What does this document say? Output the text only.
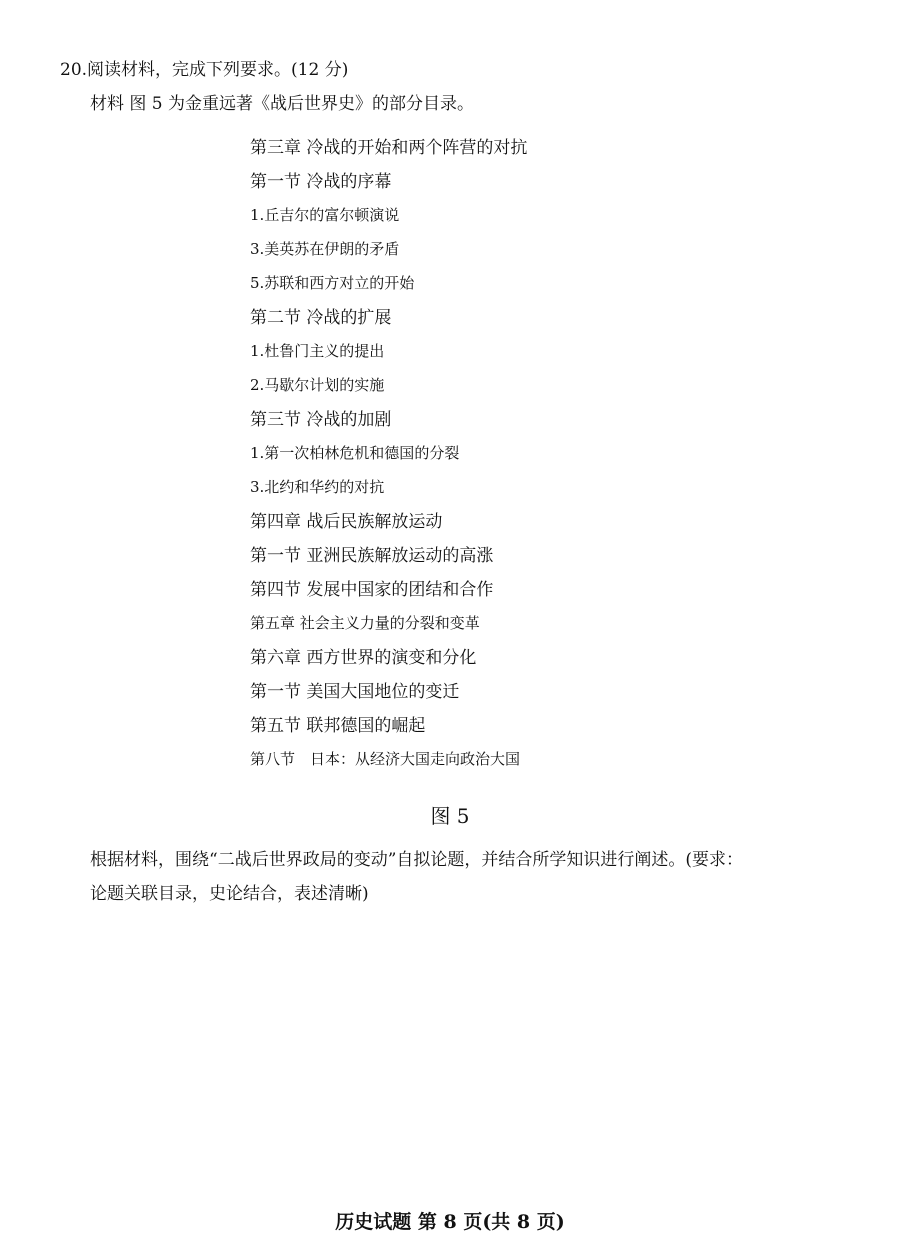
20.阅读材料，完成下列要求。(12 分)
材料 图 5 为金重远著《战后世界史》的部分目录。
第三章 冷战的开始和两个阵营的对抗
第一节 冷战的序幕
1.丘吉尔的富尔顿演说
3.美英苏在伊朗的矛盾
5.苏联和西方对立的开始
第二节 冷战的扩展
1.杜鲁门主义的提出
2.马歇尔计划的实施
第三节 冷战的加剧
1.第一次柏林危机和德国的分裂
3.北约和华约的对抗
第四章 战后民族解放运动
第一节 亚洲民族解放运动的高涨
第四节 发展中国家的团结和合作
第五章 社会主义力量的分裂和变革
第六章 西方世界的演变和分化
第一节 美国大国地位的变迁
第五节 联邦德国的崛起
第八节　日本：从经济大国走向政治大国
图 5
根据材料，围绕“二战后世界政局的变动”自拟论题，并结合所学知识进行阐述。(要求：
论题关联目录，史论结合，表述清晰)
历史试题 第 8 页(共 8 页)
